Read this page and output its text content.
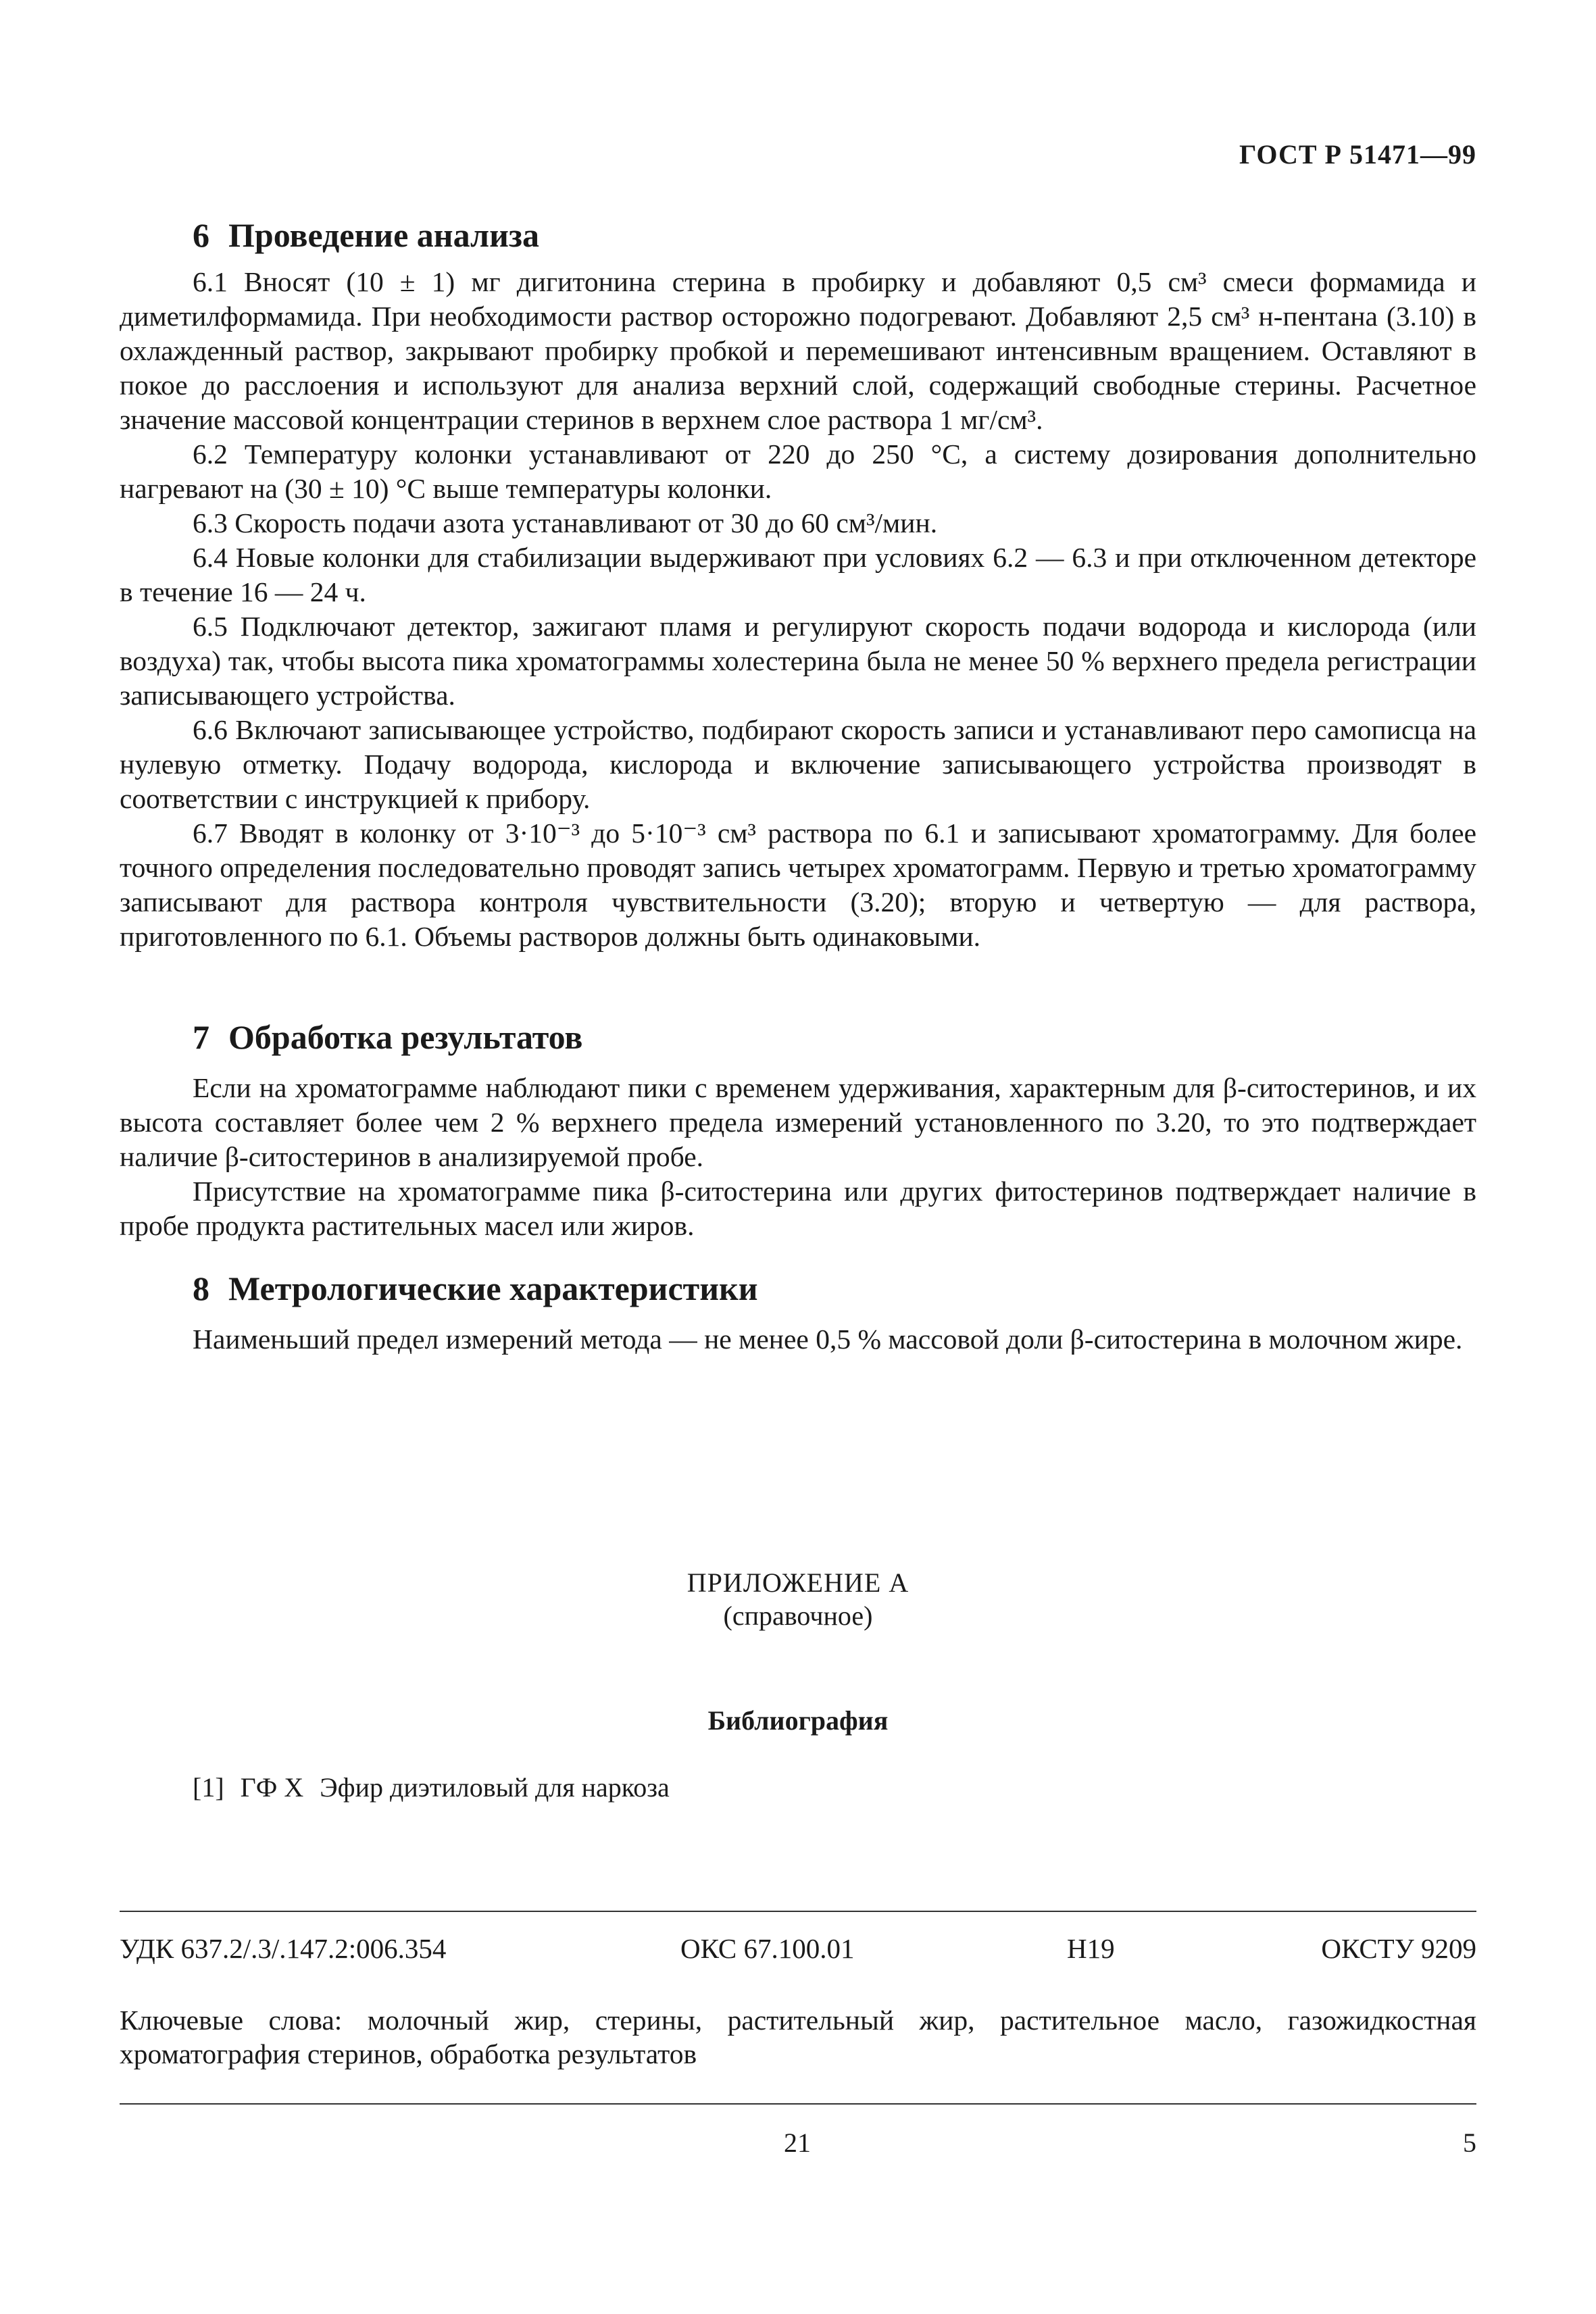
ГОСТ Р 51471—99
6 Проведение анализа

6.1 Вносят (10 ± 1) мг дигитонина стерина в пробирку и добавляют 0,5 см³ смеси формамида и диметилформамида. При необходимости раствор осторожно подогревают. Добавляют 2,5 см³ н-пентана (3.10) в охлажденный раствор, закрывают пробирку пробкой и перемешивают интенсивным вращением. Оставляют в покое до расслоения и используют для анализа верхний слой, содержащий свободные стерины. Расчетное значение массовой концентрации стеринов в верхнем слое раствора 1 мг/см³.

6.2 Температуру колонки устанавливают от 220 до 250 °С, а систему дозирования дополнительно нагревают на (30 ± 10) °С выше температуры колонки.

6.3 Скорость подачи азота устанавливают от 30 до 60 см³/мин.

6.4 Новые колонки для стабилизации выдерживают при условиях 6.2 — 6.3 и при отключенном детекторе в течение 16 — 24 ч.

6.5 Подключают детектор, зажигают пламя и регулируют скорость подачи водорода и кислорода (или воздуха) так, чтобы высота пика хроматограммы холестерина была не менее 50 % верхнего предела регистрации записывающего устройства.

6.6 Включают записывающее устройство, подбирают скорость записи и устанавливают перо самописца на нулевую отметку. Подачу водорода, кислорода и включение записывающего устройства производят в соответствии с инструкцией к прибору.

6.7 Вводят в колонку от 3·10⁻³ до 5·10⁻³ см³ раствора по 6.1 и записывают хроматограмму. Для более точного определения последовательно проводят запись четырех хроматограмм. Первую и третью хроматограмму записывают для раствора контроля чувствительности (3.20); вторую и четвертую — для раствора, приготовленного по 6.1. Объемы растворов должны быть одинаковыми.

7 Обработка результатов

Если на хроматограмме наблюдают пики с временем удерживания, характерным для β-ситостеринов, и их высота составляет более чем 2 % верхнего предела измерений установленного по 3.20, то это подтверждает наличие β-ситостеринов в анализируемой пробе.

Присутствие на хроматограмме пика β-ситостерина или других фитостеринов подтверждает наличие в пробе продукта растительных масел или жиров.

8 Метрологические характеристики

Наименьший предел измерений метода — не менее 0,5 % массовой доли β-ситостерина в молочном жире.

ПРИЛОЖЕНИЕ А
(справочное)
Библиография
[1] ГФ X Эфир диэтиловый для наркоза
УДК 637.2/.3/.147.2:006.354	ОКС 67.100.01	Н19	ОКСТУ 9209
Ключевые слова: молочный жир, стерины, растительный жир, растительное масло, газожидкостная хроматография стеринов, обработка результатов
21	5
